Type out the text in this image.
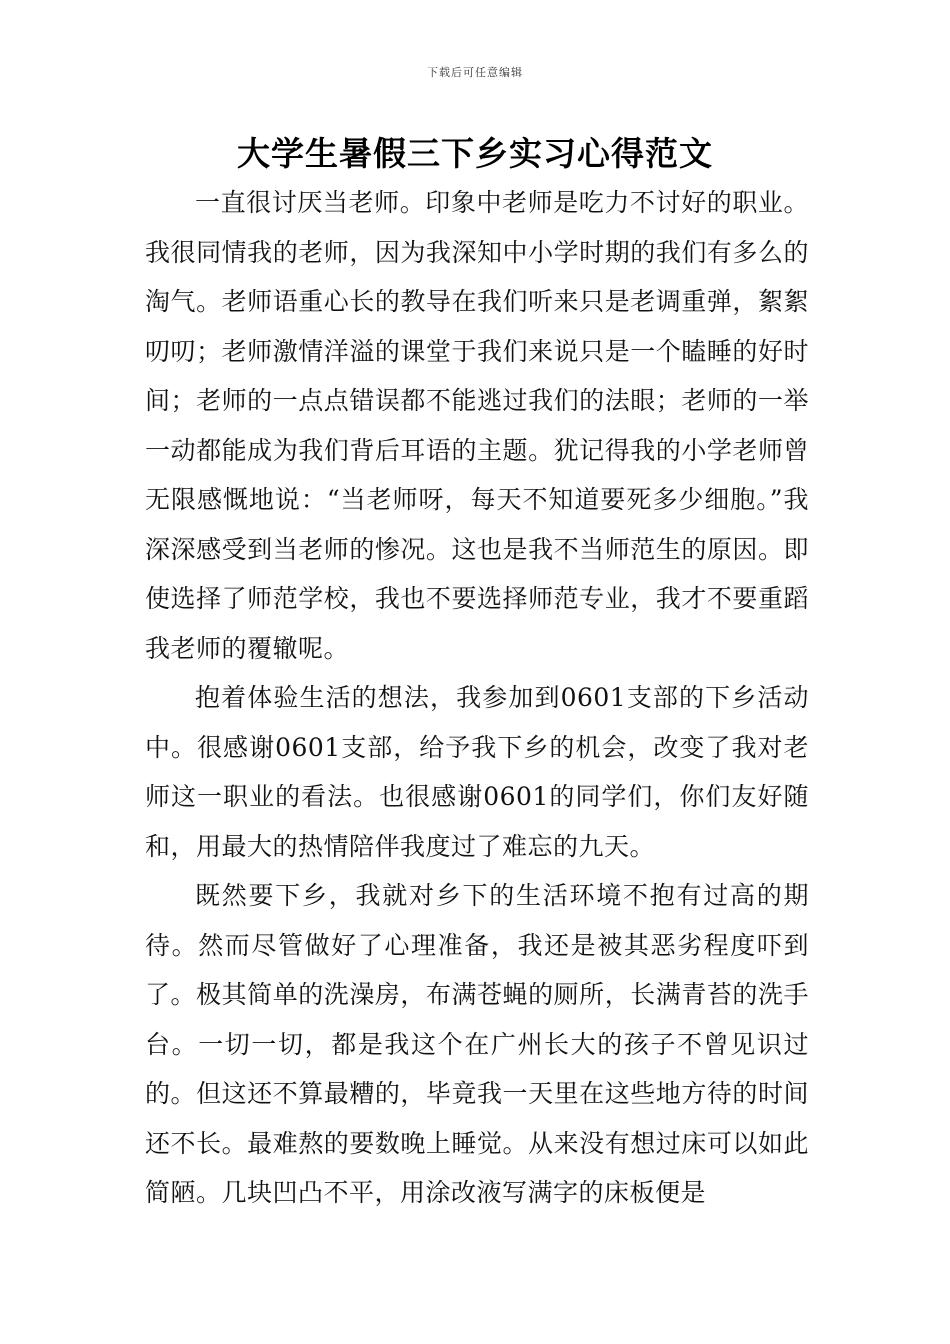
下载后可任意编辑
大学生暑假三下乡实习心得范文

一直很讨厌当老师。印象中老师是吃力不讨好的职业。我很同情我的老师，因为我深知中小学时期的我们有多么的淘气。老师语重心长的教导在我们听来只是老调重弹，絮絮叨叨；老师激情洋溢的课堂于我们来说只是一个瞌睡的好时间；老师的一点点错误都不能逃过我们的法眼；老师的一举一动都能成为我们背后耳语的主题。犹记得我的小学老师曾无限感慨地说：“当老师呀，每天不知道要死多少细胞。”我深深感受到当老师的惨况。这也是我不当师范生的原因。即使选择了师范学校，我也不要选择师范专业，我才不要重蹈我老师的覆辙呢。

抱着体验生活的想法，我参加到0601支部的下乡活动中。很感谢0601支部，给予我下乡的机会，改变了我对老师这一职业的看法。也很感谢0601的同学们，你们友好随和，用最大的热情陪伴我度过了难忘的九天。

既然要下乡，我就对乡下的生活环境不抱有过高的期待。然而尽管做好了心理准备，我还是被其恶劣程度吓到了。极其简单的洗澡房，布满苍蝇的厕所，长满青苔的洗手台。一切一切，都是我这个在广州长大的孩子不曾见识过的。但这还不算最糟的，毕竟我一天里在这些地方待的时间还不长。最难熬的要数晚上睡觉。从来没有想过床可以如此简陋。几块凹凸不平，用涂改液写满字的床板便是
